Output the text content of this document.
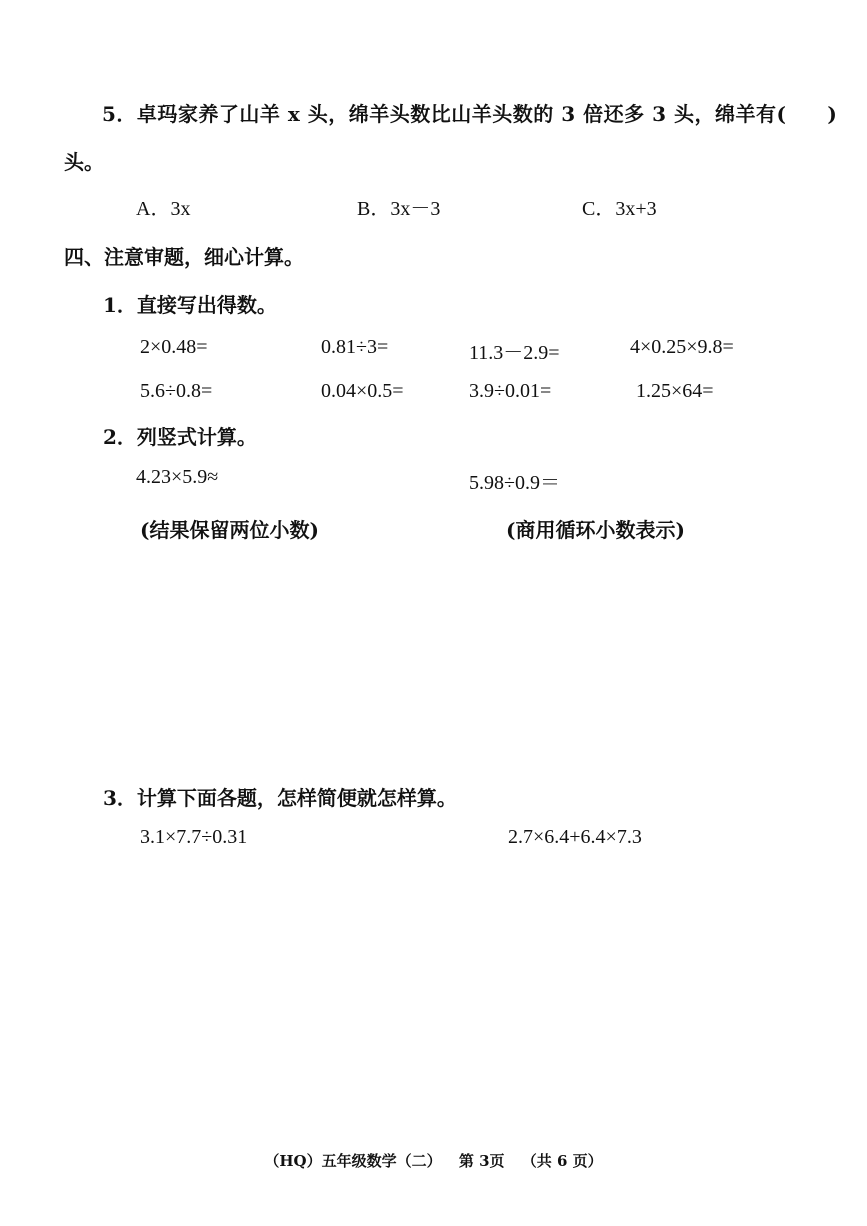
5．卓玛家养了山羊 x 头，绵羊头数比山羊头数的 3 倍还多 3 头，绵羊有(　　)

头。

A．3x	B．3x－3	C．3x+3

四、注意审题，细心计算。

1．直接写出得数。

2×0.48=	0.81÷3=	11.3－2.9=	4×0.25×9.8=

5.6÷0.8=	0.04×0.5=	3.9÷0.01=	1.25×64=

2．列竖式计算。

4.23×5.9≈	5.98÷0.9＝

(结果保留两位小数)	(商用循环小数表示)

3．计算下面各题，怎样简便就怎样算。

3.1×7.7÷0.31	2.7×6.4+6.4×7.3

（HQ）五年级数学（二） 第 3页 （共 6 页）
